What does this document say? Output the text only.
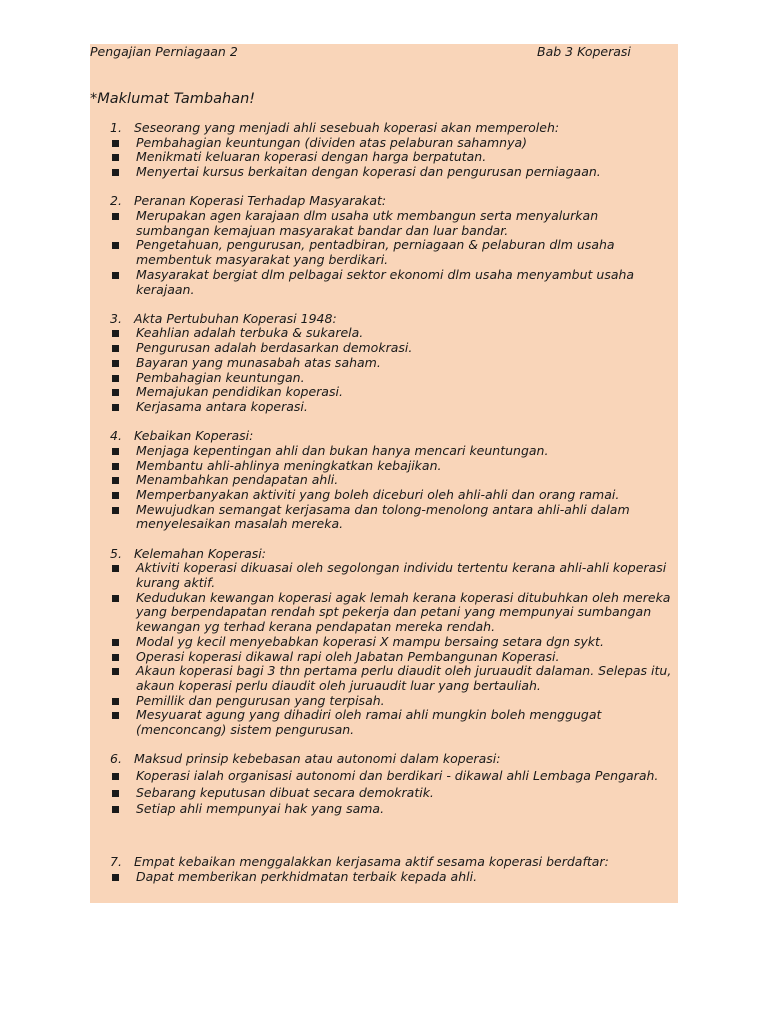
Pengajian Perniagaan 2	Bab 3 Koperasi
*Maklumat Tambahan!
1. Seseorang yang menjadi ahli sesebuah koperasi akan memperoleh:
Pembahagian keuntungan (dividen atas pelaburan sahamnya)
Menikmati keluaran koperasi dengan harga berpatutan.
Menyertai kursus berkaitan dengan koperasi dan pengurusan perniagaan.
2. Peranan Koperasi Terhadap Masyarakat:
Merupakan agen karajaan dlm usaha utk membangun serta menyalurkan sumbangan kemajuan masyarakat bandar dan luar bandar.
Pengetahuan, pengurusan, pentadbiran, perniagaan & pelaburan dlm usaha membentuk masyarakat yang berdikari.
Masyarakat bergiat dlm pelbagai sektor ekonomi dlm usaha menyambut usaha kerajaan.
3. Akta Pertubuhan Koperasi 1948:
Keahlian adalah terbuka & sukarela.
Pengurusan adalah berdasarkan demokrasi.
Bayaran yang munasabah atas saham.
Pembahagian keuntungan.
Memajukan pendidikan koperasi.
Kerjasama antara koperasi.
4. Kebaikan Koperasi:
Menjaga kepentingan ahli dan bukan hanya mencari keuntungan.
Membantu ahli-ahlinya meningkatkan kebajikan.
Menambahkan pendapatan ahli.
Memperbanyakan aktiviti yang boleh diceburi oleh ahli-ahli dan orang ramai.
Mewujudkan semangat kerjasama dan tolong-menolong antara ahli-ahli dalam menyelesaikan masalah mereka.
5. Kelemahan Koperasi:
Aktiviti koperasi dikuasai oleh segolongan individu tertentu kerana ahli-ahli koperasi kurang aktif.
Kedudukan kewangan koperasi agak lemah kerana koperasi ditubuhkan oleh mereka yang berpendapatan rendah spt pekerja dan petani yang mempunyai sumbangan kewangan yg terhad kerana pendapatan mereka rendah.
Modal yg kecil menyebabkan koperasi X mampu bersaing setara dgn sykt.
Operasi koperasi dikawal rapi oleh Jabatan Pembangunan Koperasi.
Akaun koperasi bagi 3 thn pertama perlu diaudit oleh juruaudit dalaman. Selepas itu, akaun koperasi perlu diaudit oleh juruaudit luar yang bertauliah.
Pemillik dan pengurusan yang terpisah.
Mesyuarat agung yang dihadiri oleh ramai ahli mungkin boleh menggugat (menconcang) sistem pengurusan.
6. Maksud prinsip kebebasan atau autonomi dalam koperasi:
Koperasi ialah organisasi autonomi dan berdikari - dikawal ahli Lembaga Pengarah.
Sebarang keputusan dibuat secara demokratik.
Setiap ahli mempunyai hak yang sama.
7. Empat kebaikan menggalakkan kerjasama aktif sesama koperasi berdaftar:
Dapat memberikan perkhidmatan terbaik kepada ahli.
